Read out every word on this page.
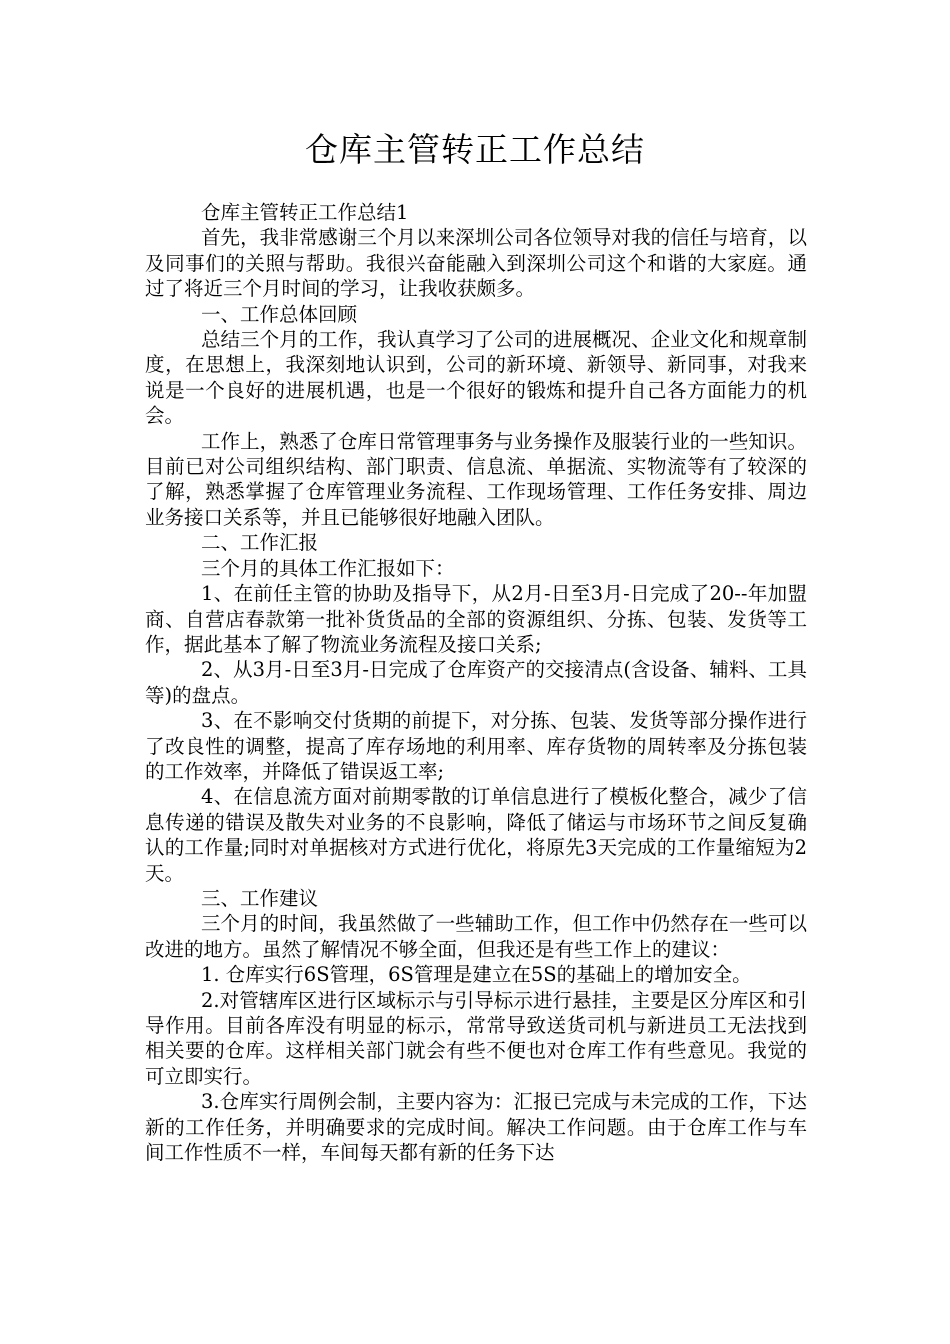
仓库主管转正工作总结

仓库主管转正工作总结1

首先，我非常感谢三个月以来深圳公司各位领导对我的信任与培育，以及同事们的关照与帮助。我很兴奋能融入到深圳公司这个和谐的大家庭。通过了将近三个月时间的学习，让我收获颇多。

一、工作总体回顾

总结三个月的工作，我认真学习了公司的进展概况、企业文化和规章制度，在思想上，我深刻地认识到，公司的新环境、新领导、新同事，对我来说是一个良好的进展机遇，也是一个很好的锻炼和提升自己各方面能力的机会。

工作上，熟悉了仓库日常管理事务与业务操作及服装行业的一些知识。目前已对公司组织结构、部门职责、信息流、单据流、实物流等有了较深的了解，熟悉掌握了仓库管理业务流程、工作现场管理、工作任务安排、周边业务接口关系等，并且已能够很好地融入团队。

二、工作汇报

三个月的具体工作汇报如下：

1、在前任主管的协助及指导下，从2月-日至3月-日完成了20--年加盟商、自营店春款第一批补货货品的全部的资源组织、分拣、包装、发货等工作，据此基本了解了物流业务流程及接口关系;

2、从3月-日至3月-日完成了仓库资产的交接清点(含设备、辅料、工具等)的盘点。

3、在不影响交付货期的前提下，对分拣、包装、发货等部分操作进行了改良性的调整，提高了库存场地的利用率、库存货物的周转率及分拣包装的工作效率，并降低了错误返工率;

4、在信息流方面对前期零散的订单信息进行了模板化整合，减少了信息传递的错误及散失对业务的不良影响，降低了储运与市场环节之间反复确认的工作量;同时对单据核对方式进行优化，将原先3天完成的工作量缩短为2天。

三、工作建议

三个月的时间，我虽然做了一些辅助工作，但工作中仍然存在一些可以改进的地方。虽然了解情况不够全面，但我还是有些工作上的建议：

1. 仓库实行6S管理，6S管理是建立在5S的基础上的增加安全。

2.对管辖库区进行区域标示与引导标示进行悬挂，主要是区分库区和引导作用。目前各库没有明显的标示，常常导致送货司机与新进员工无法找到相关要的仓库。这样相关部门就会有些不便也对仓库工作有些意见。我觉的可立即实行。

3.仓库实行周例会制，主要内容为：汇报已完成与未完成的工作，下达新的工作任务，并明确要求的完成时间。解决工作问题。由于仓库工作与车间工作性质不一样，车间每天都有新的任务下达
